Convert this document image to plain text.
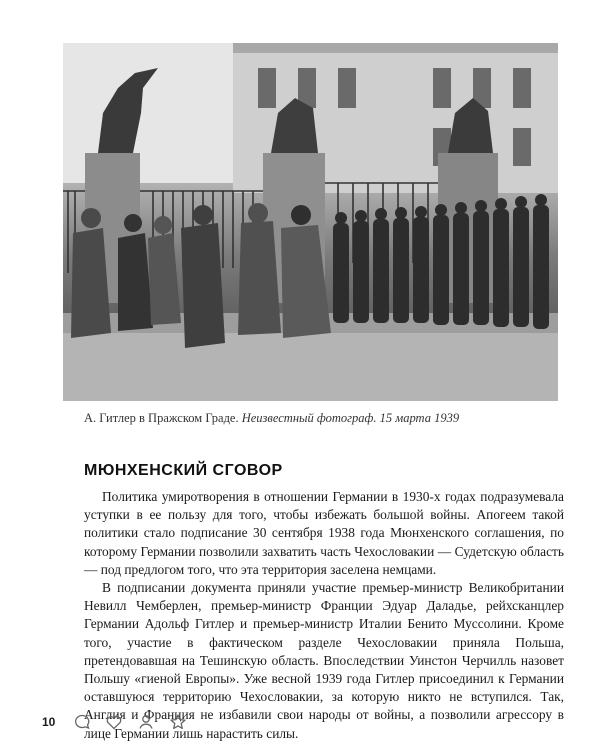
А. Гитлер в Пражском Граде. Неизвестный фотограф. 15 марта 1939
МЮНХЕНСКИЙ СГОВОР

Политика умиротворения в отношении Германии в 1930-х годах подразумевала уступки в ее пользу для того, чтобы избежать большой войны. Апогеем такой политики стало подписание 30 сентября 1938 года Мюнхенского соглашения, по которому Германии позволили захватить часть Чехословакии — Судетскую область — под предлогом того, что эта территория заселена немцами.

В подписании документа приняли участие премьер-министр Великобритании Невилл Чемберлен, премьер-министр Франции Эдуар Даладье, рейхсканцлер Германии Адольф Гитлер и премьер-министр Италии Бенито Муссолини. Кроме того, участие в фактическом разделе Чехословакии приняла Польша, претендовавшая на Тешинскую область. Впоследствии Уинстон Черчилль назовет Польшу «гиеной Европы». Уже весной 1939 года Гитлер присоединил к Германии оставшуюся территорию Чехословакии, за которую никто не вступился. Так, Англия и Франция не избавили свои народы от войны, а позволили агрессору в лице Германии лишь нарастить силы.

10
